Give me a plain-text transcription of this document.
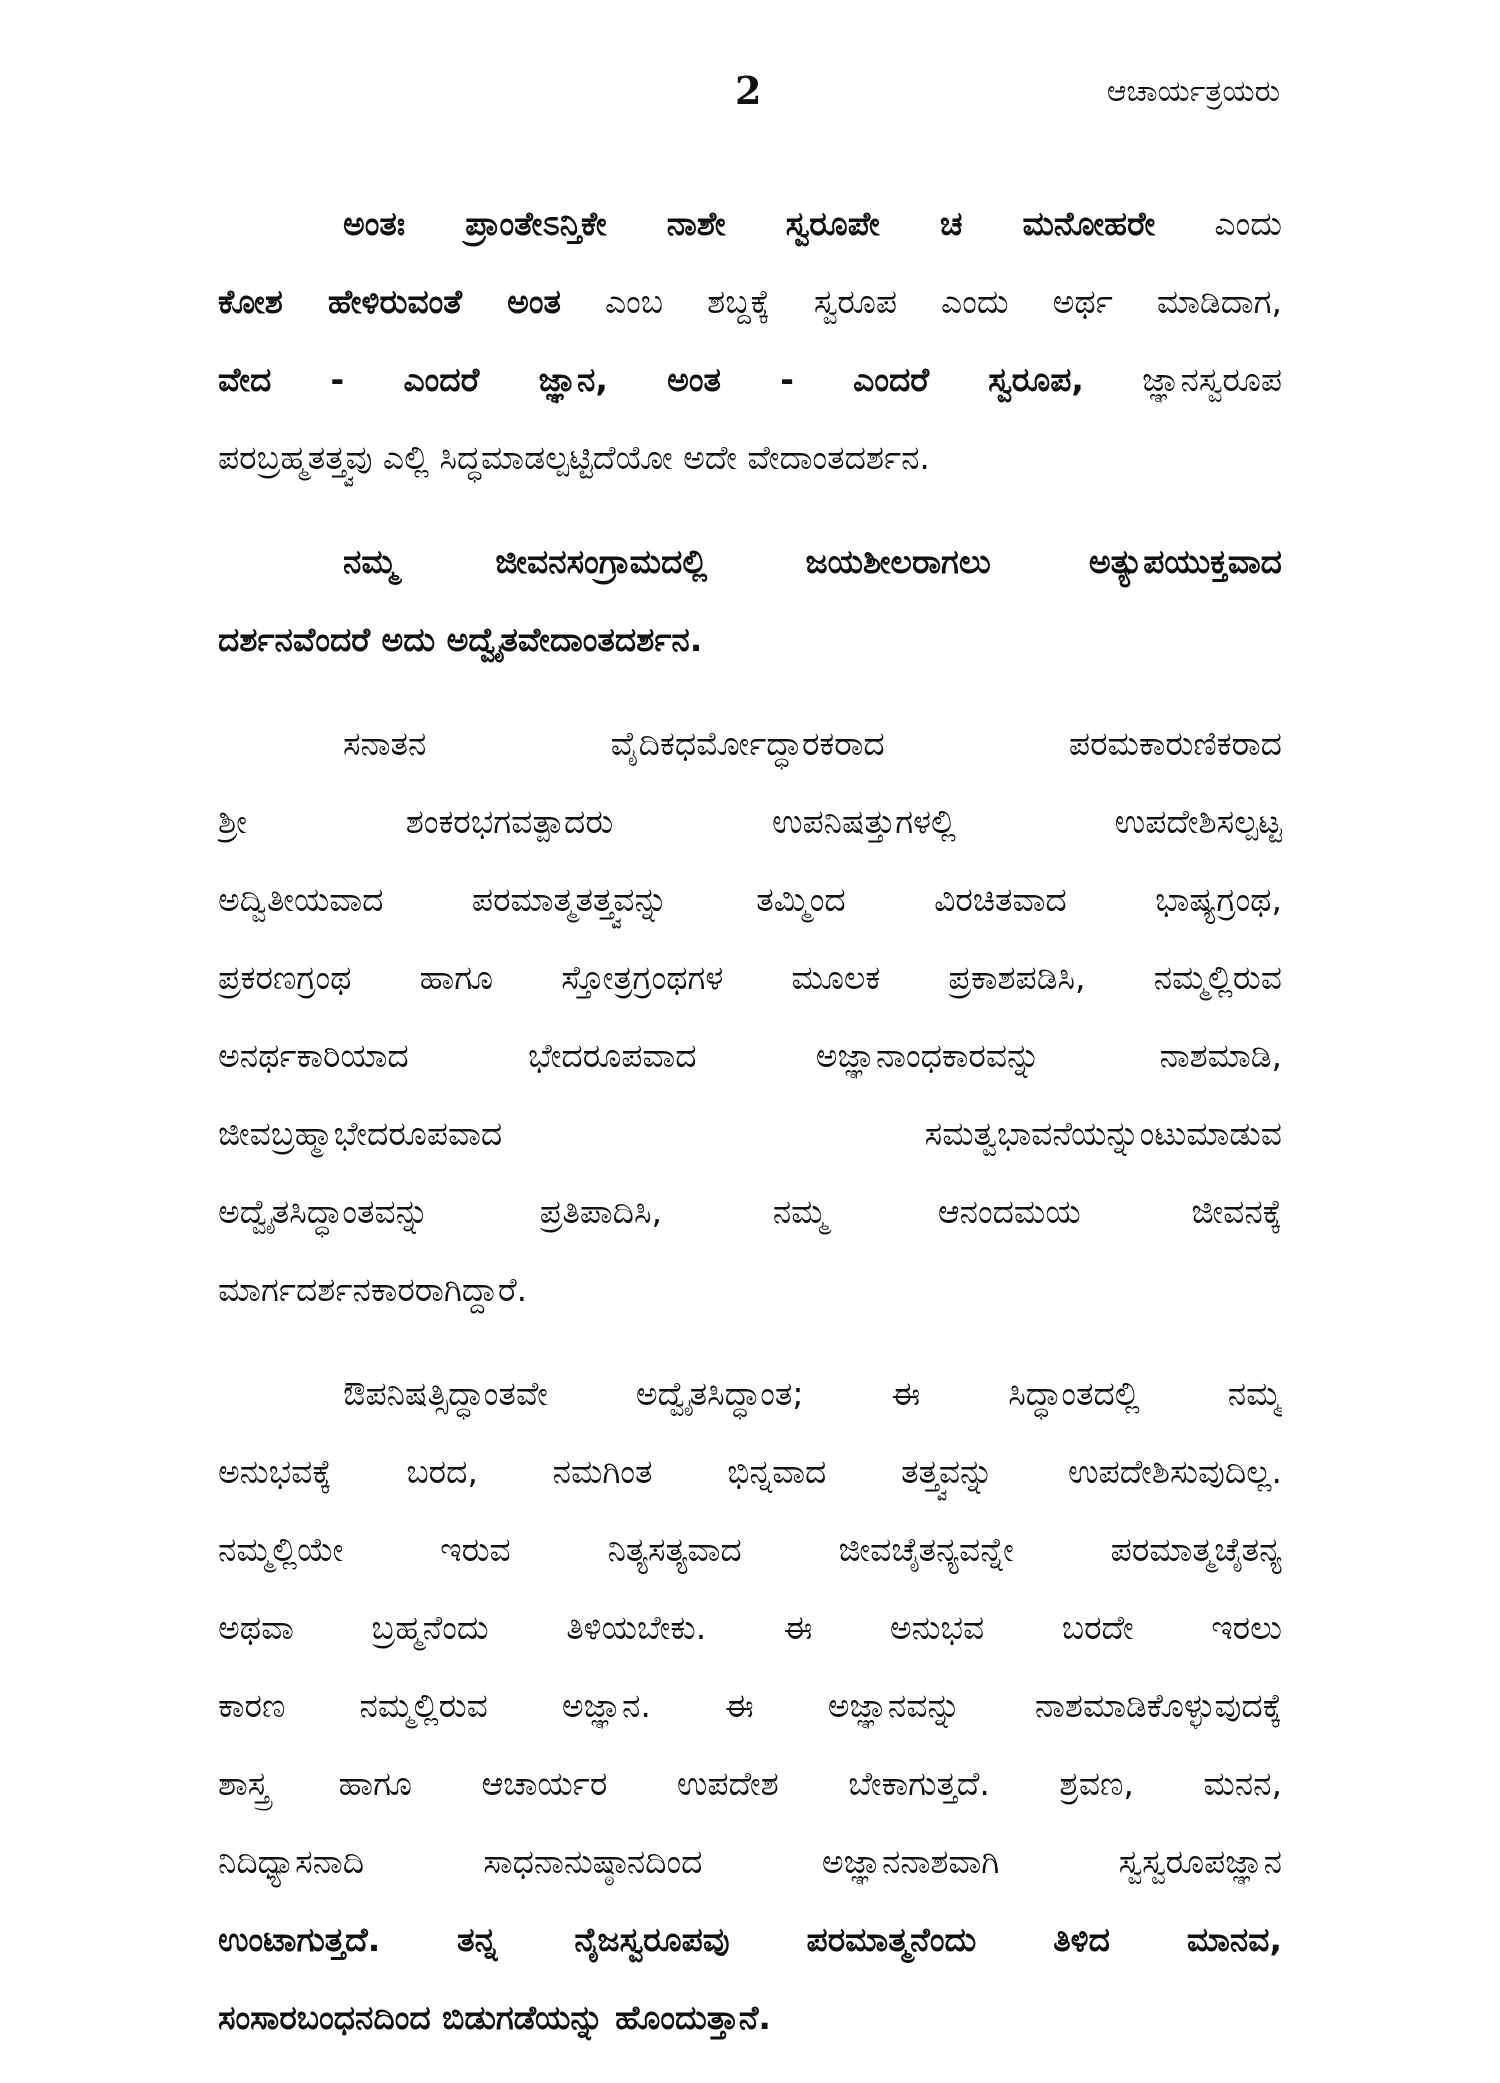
2	ಆಚಾರ್ಯತ್ರಯರು
ಅಂತಃ ಪ್ರಾಂತೇಽನ್ತಿಕೇ ನಾಶೇ ಸ್ವರೂಪೇ ಚ ಮನೋಹರೇ ಎಂದು
ಕೋಶ ಹೇಳಿರುವಂತೆ ಅಂತ ಎಂಬ ಶಬ್ದಕ್ಕೆ ಸ್ವರೂಪ ಎಂದು ಅರ್ಥ ಮಾಡಿದಾಗ,
ವೇದ - ಎಂದರೆ ಜ್ಞಾನ, ಅಂತ - ಎಂದರೆ ಸ್ವರೂಪ, ಜ್ಞಾನಸ್ವರೂಪ
ಪರಬ್ರಹ್ಮತತ್ತ್ವವು ಎಲ್ಲಿ ಸಿದ್ಧಮಾಡಲ್ಪಟ್ಟಿದೆಯೋ ಅದೇ ವೇದಾಂತದರ್ಶನ.
ನಮ್ಮ ಜೀವನಸಂಗ್ರಾಮದಲ್ಲಿ ಜಯಶೀಲರಾಗಲು ಅತ್ಯುಪಯುಕ್ತವಾದ
ದರ್ಶನವೆಂದರೆ ಅದು ಅದ್ವೈತವೇದಾಂತದರ್ಶನ.
ಸನಾತನ ವೈದಿಕಧರ್ಮೋದ್ಧಾರಕರಾದ ಪರಮಕಾರುಣಿಕರಾದ
ಶ್ರೀ ಶಂಕರಭಗವತ್ಪಾದರು ಉಪನಿಷತ್ತುಗಳಲ್ಲಿ ಉಪದೇಶಿಸಲ್ಪಟ್ಟ
ಅದ್ವಿತೀಯವಾದ ಪರಮಾತ್ಮತತ್ತ್ವವನ್ನು ತಮ್ಮಿಂದ ವಿರಚಿತವಾದ ಭಾಷ್ಯಗ್ರಂಥ,
ಪ್ರಕರಣಗ್ರಂಥ ಹಾಗೂ ಸ್ತೋತ್ರಗ್ರಂಥಗಳ ಮೂಲಕ ಪ್ರಕಾಶಪಡಿಸಿ, ನಮ್ಮಲ್ಲಿರುವ
ಅನರ್ಥಕಾರಿಯಾದ ಭೇದರೂಪವಾದ ಅಜ್ಞಾನಾಂಧಕಾರವನ್ನು ನಾಶಮಾಡಿ,
ಜೀವಬ್ರಹ್ಮಾಭೇದರೂಪವಾದ ಸಮತ್ವಭಾವನೆಯನ್ನುಂಟುಮಾಡುವ
ಅದ್ವೈತಸಿದ್ಧಾಂತವನ್ನು ಪ್ರತಿಪಾದಿಸಿ, ನಮ್ಮ ಆನಂದಮಯ ಜೀವನಕ್ಕೆ
ಮಾರ್ಗದರ್ಶನಕಾರರಾಗಿದ್ದಾರೆ.
ಔಪನಿಷತ್ಸಿದ್ಧಾಂತವೇ ಅದ್ವೈತಸಿದ್ಧಾಂತ; ಈ ಸಿದ್ಧಾಂತದಲ್ಲಿ ನಮ್ಮ
ಅನುಭವಕ್ಕೆ ಬರದ, ನಮಗಿಂತ ಭಿನ್ನವಾದ ತತ್ತ್ವವನ್ನು ಉಪದೇಶಿಸುವುದಿಲ್ಲ.
ನಮ್ಮಲ್ಲಿಯೇ ಇರುವ ನಿತ್ಯಸತ್ಯವಾದ ಜೀವಚೈತನ್ಯವನ್ನೇ ಪರಮಾತ್ಮಚೈತನ್ಯ
ಅಥವಾ ಬ್ರಹ್ಮನೆಂದು ತಿಳಿಯಬೇಕು. ಈ ಅನುಭವ ಬರದೇ ಇರಲು
ಕಾರಣ ನಮ್ಮಲ್ಲಿರುವ ಅಜ್ಞಾನ. ಈ ಅಜ್ಞಾನವನ್ನು ನಾಶಮಾಡಿಕೊಳ್ಳುವುದಕ್ಕೆ
ಶಾಸ್ತ್ರ ಹಾಗೂ ಆಚಾರ್ಯರ ಉಪದೇಶ ಬೇಕಾಗುತ್ತದೆ. ಶ್ರವಣ, ಮನನ,
ನಿದಿಧ್ಯಾಸನಾದಿ ಸಾಧನಾನುಷ್ಠಾನದಿಂದ ಅಜ್ಞಾನನಾಶವಾಗಿ ಸ್ವಸ್ವರೂಪಜ್ಞಾನ
ಉಂಟಾಗುತ್ತದೆ. ತನ್ನ ನೈಜಸ್ವರೂಪವು ಪರಮಾತ್ಮನೆಂದು ತಿಳಿದ ಮಾನವ,
ಸಂಸಾರಬಂಧನದಿಂದ ಬಿಡುಗಡೆಯನ್ನು ಹೊಂದುತ್ತಾನೆ.
